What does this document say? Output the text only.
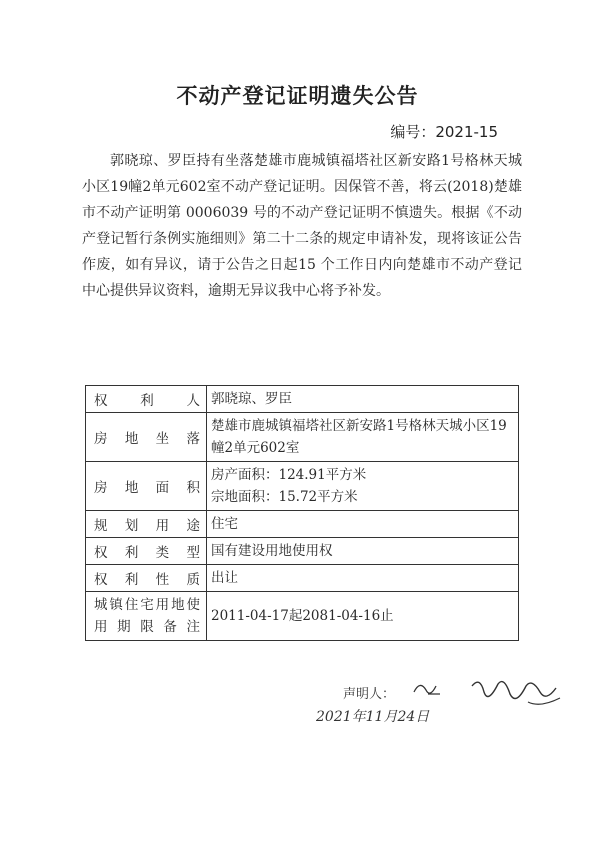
不动产登记证明遗失公告
编号：2021-15
郭晓琼、罗臣持有坐落楚雄市鹿城镇福塔社区新安路1号格林天城小区19幢2单元602室不动产登记证明。因保管不善，将云(2018)楚雄市不动产证明第 0006039 号的不动产登记证明不慎遗失。根据《不动产登记暂行条例实施细则》第二十二条的规定申请补发，现将该证公告作废，如有异议，请于公告之日起15 个工作日内向楚雄市不动产登记中心提供异议资料，逾期无异议我中心将予补发。
权利人	郭晓琼、罗臣
房地坐落	楚雄市鹿城镇福塔社区新安路1号格林天城小区19幢2单元602室
房地面积	房产面积：124.91平方米
宗地面积：15.72平方米

规划用途	住宅
权利类型	国有建设用地使用权
权利性质	出让
城镇住宅用地使用期限备注	2011-04-17起2081-04-16止
声明人：
2021年11月24日
